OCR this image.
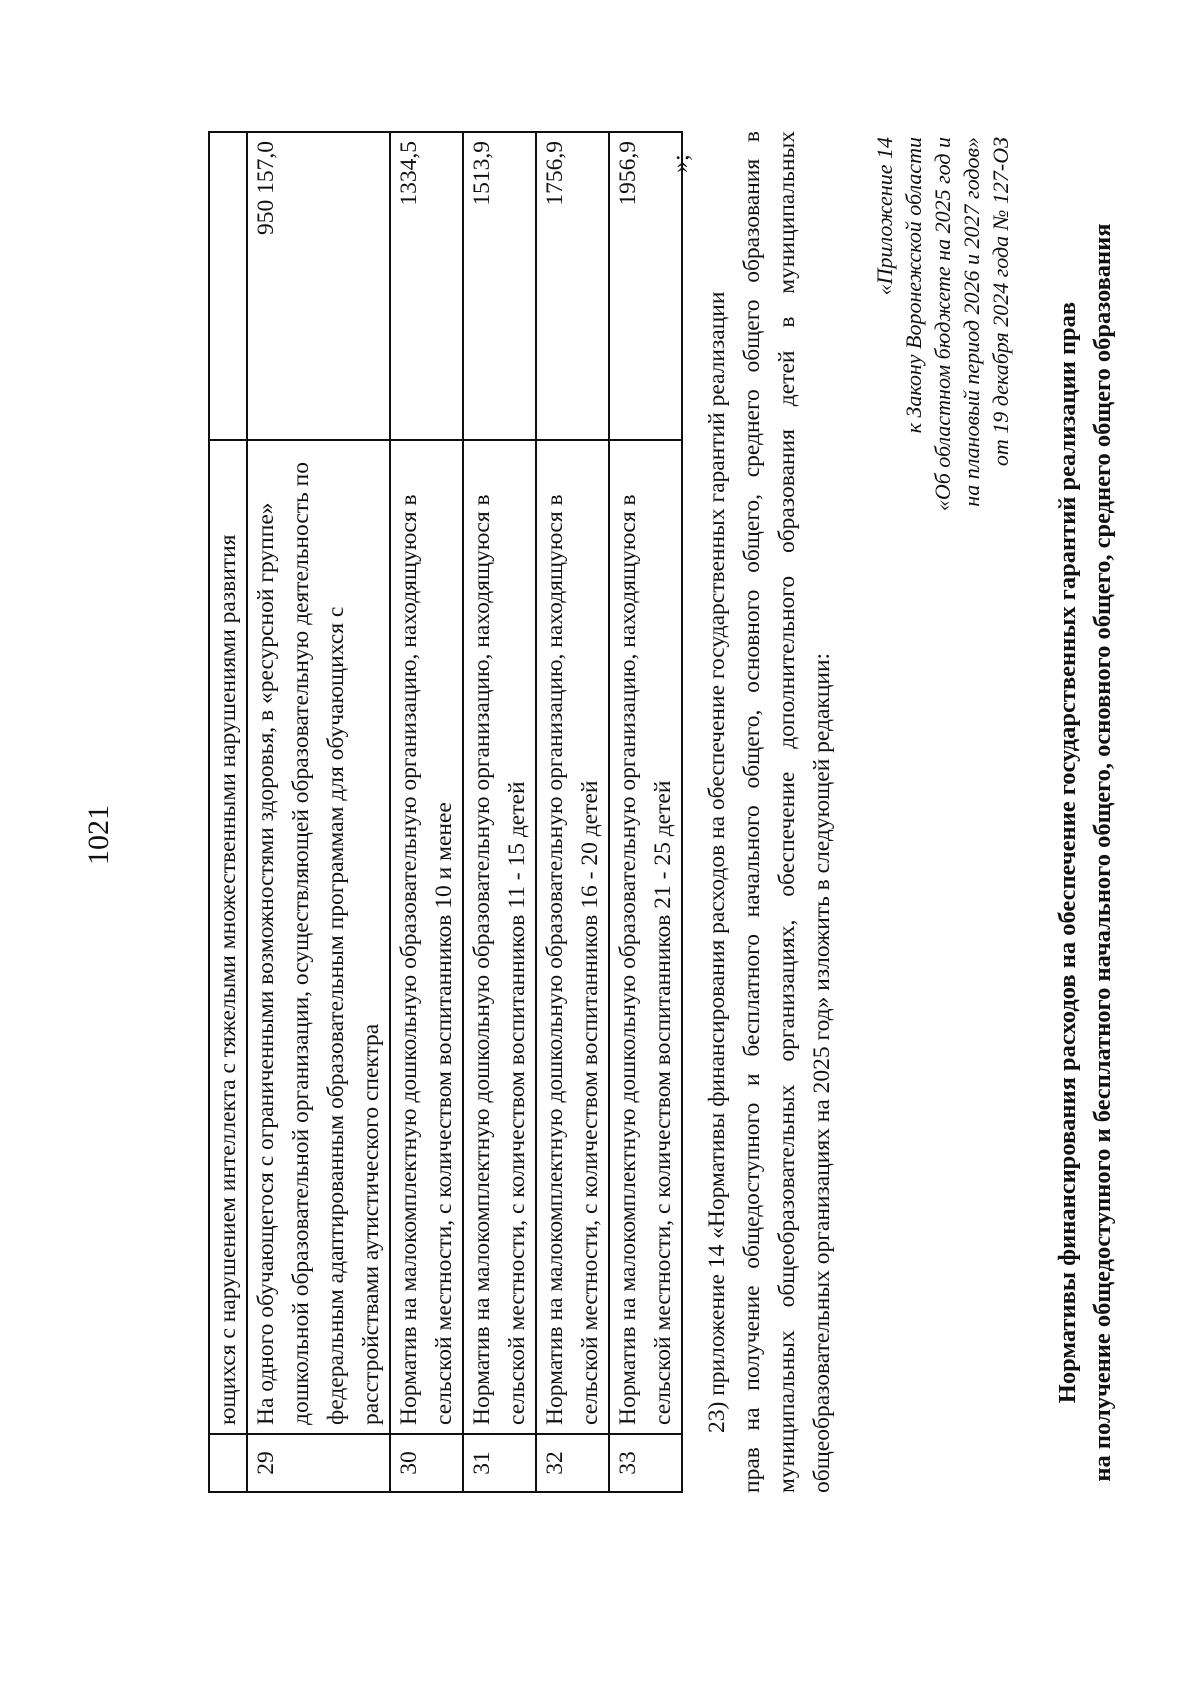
1021
		ющихся с нарушением интеллекта с тяжелыми множественными нарушениями развития	
29	На одного обучающегося с ограниченными возможностями здоровья, в «ресурсной группе» дошкольной образовательной организации, осуществляющей образовательную деятельность по федеральным адаптированным образовательным программам для обучающихся с расстройствами аутистического спектра	950 157,0
30	Норматив на малокомплектную дошкольную образовательную организацию, находящуюся в сельской местности, с количеством воспитанников 10 и менее	1334,5
31	Норматив на малокомплектную дошкольную образовательную организацию, находящуюся в сельской местности, с количеством воспитанников 11 - 15 детей	1513,9
32	Норматив на малокомплектную дошкольную образовательную организацию, находящуюся в сельской местности, с количеством воспитанников 16 - 20 детей	1756,9
33	Норматив на малокомплектную дошкольную образовательную организацию, находящуюся в сельской местности, с количеством воспитанников 21 - 25 детей	1956,9 »;
23) приложение 14 «Нормативы финансирования расходов на обеспечение государственных гарантий реализации прав на получение общедоступного и бесплатного начального общего, основного общего, среднего общего образования в муниципальных общеобразовательных организациях, обеспечение дополнительного образования детей в муниципальных общеобразовательных организациях на 2025 год» изложить в следующей редакции:
«Приложение 14 к Закону Воронежской области «Об областном бюджете на 2025 год и на плановый период 2026 и 2027 годов» от 19 декабря 2024 года № 127-ОЗ
Нормативы финансирования расходов на обеспечение государственных гарантий реализации прав на получение общедоступного и бесплатного начального общего, основного общего, среднего общего образования
